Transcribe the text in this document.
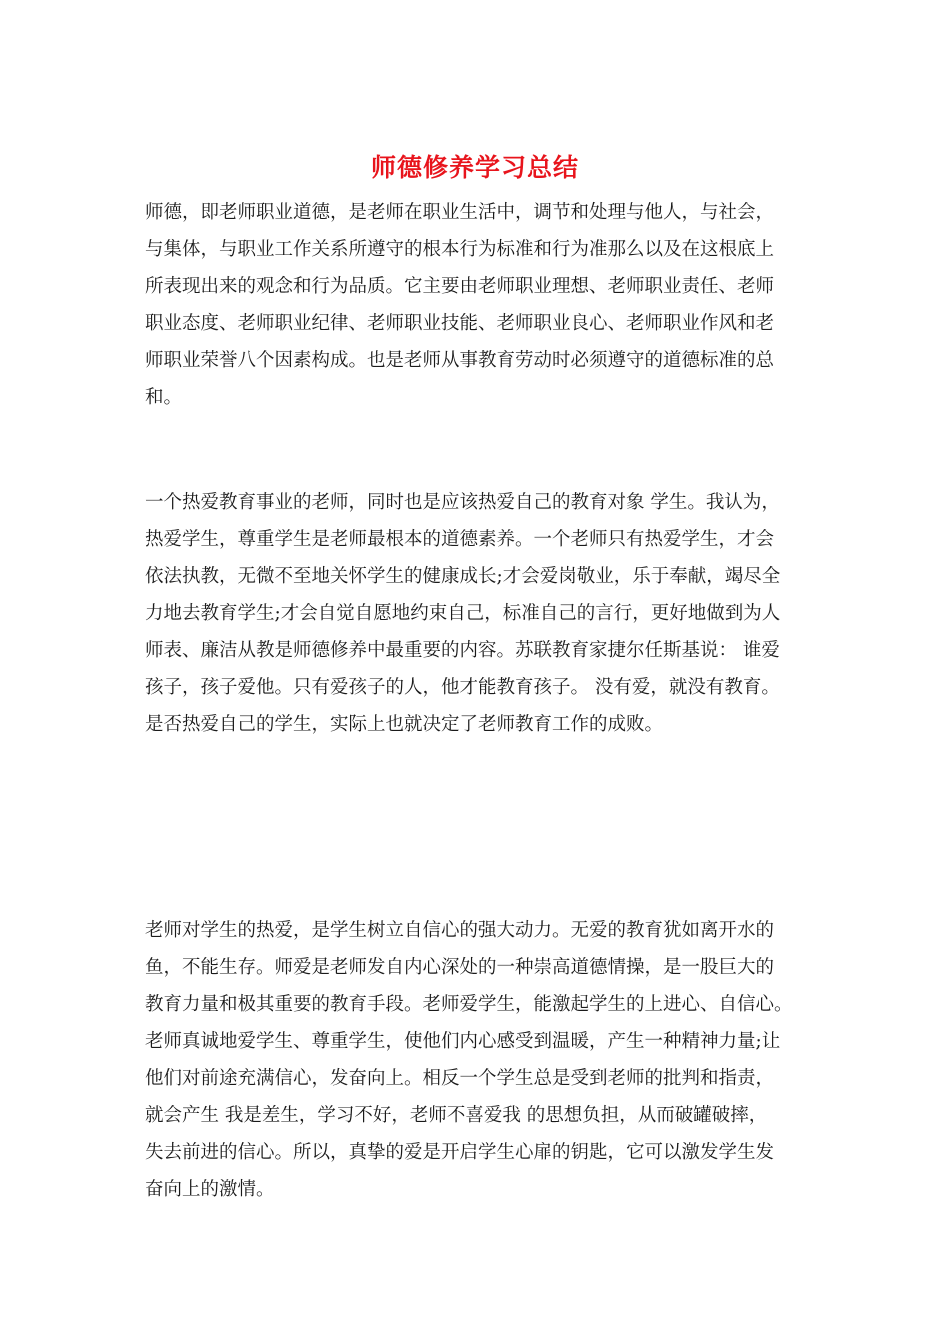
师德修养学习总结
师德，即老师职业道德，是老师在职业生活中，调节和处理与他人，与社会，
与集体，与职业工作关系所遵守的根本行为标准和行为准那么以及在这根底上
所表现出来的观念和行为品质。它主要由老师职业理想、老师职业责任、老师
职业态度、老师职业纪律、老师职业技能、老师职业良心、老师职业作风和老
师职业荣誉八个因素构成。也是老师从事教育劳动时必须遵守的道德标准的总
和。
一个热爱教育事业的老师，同时也是应该热爱自己的教育对象 学生。我认为，
热爱学生，尊重学生是老师最根本的道德素养。一个老师只有热爱学生，才会
依法执教，无微不至地关怀学生的健康成长;才会爱岗敬业，乐于奉献，竭尽全
力地去教育学生;才会自觉自愿地约束自己，标准自己的言行，更好地做到为人
师表、廉洁从教是师德修养中最重要的内容。苏联教育家捷尔任斯基说： 谁爱
孩子，孩子爱他。只有爱孩子的人，他才能教育孩子。 没有爱，就没有教育。
是否热爱自己的学生，实际上也就决定了老师教育工作的成败。
老师对学生的热爱，是学生树立自信心的强大动力。无爱的教育犹如离开水的
鱼，不能生存。师爱是老师发自内心深处的一种崇高道德情操，是一股巨大的
教育力量和极其重要的教育手段。老师爱学生，能激起学生的上进心、自信心。
老师真诚地爱学生、尊重学生，使他们内心感受到温暖，产生一种精神力量;让
他们对前途充满信心，发奋向上。相反一个学生总是受到老师的批判和指责，
就会产生 我是差生，学习不好，老师不喜爱我 的思想负担，从而破罐破摔，
失去前进的信心。所以，真挚的爱是开启学生心扉的钥匙，它可以激发学生发
奋向上的激情。
